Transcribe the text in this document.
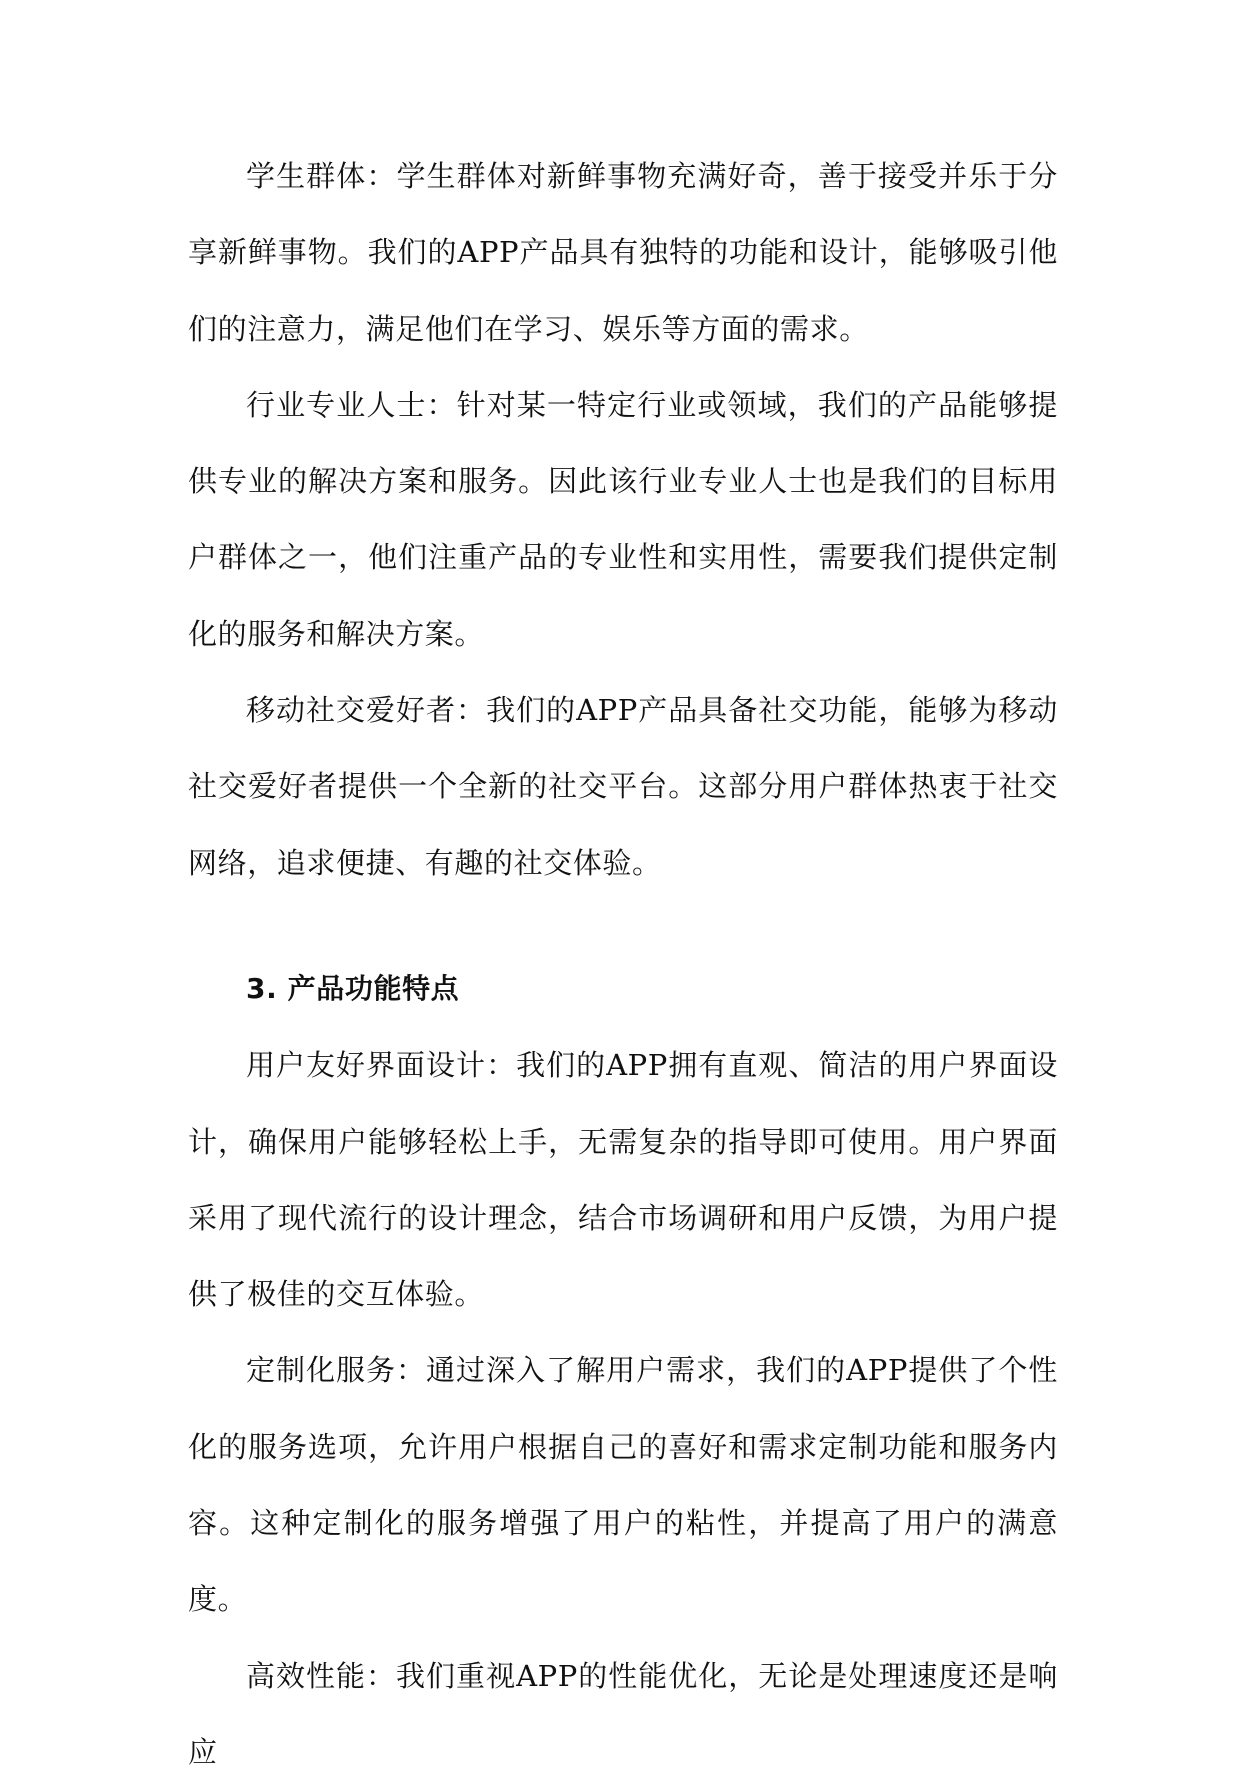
学生群体：学生群体对新鲜事物充满好奇，善于接受并乐于分享新鲜事物。我们的APP产品具有独特的功能和设计，能够吸引他们的注意力，满足他们在学习、娱乐等方面的需求。

行业专业人士：针对某一特定行业或领域，我们的产品能够提供专业的解决方案和服务。因此该行业专业人士也是我们的目标用户群体之一，他们注重产品的专业性和实用性，需要我们提供定制化的服务和解决方案。

移动社交爱好者：我们的APP产品具备社交功能，能够为移动社交爱好者提供一个全新的社交平台。这部分用户群体热衷于社交网络，追求便捷、有趣的社交体验。

3. 产品功能特点

用户友好界面设计：我们的APP拥有直观、简洁的用户界面设计，确保用户能够轻松上手，无需复杂的指导即可使用。用户界面采用了现代流行的设计理念，结合市场调研和用户反馈，为用户提供了极佳的交互体验。

定制化服务：通过深入了解用户需求，我们的APP提供了个性化的服务选项，允许用户根据自己的喜好和需求定制功能和服务内容。这种定制化的服务增强了用户的粘性，并提高了用户的满意度。

高效性能：我们重视APP的性能优化，无论是处理速度还是响应
